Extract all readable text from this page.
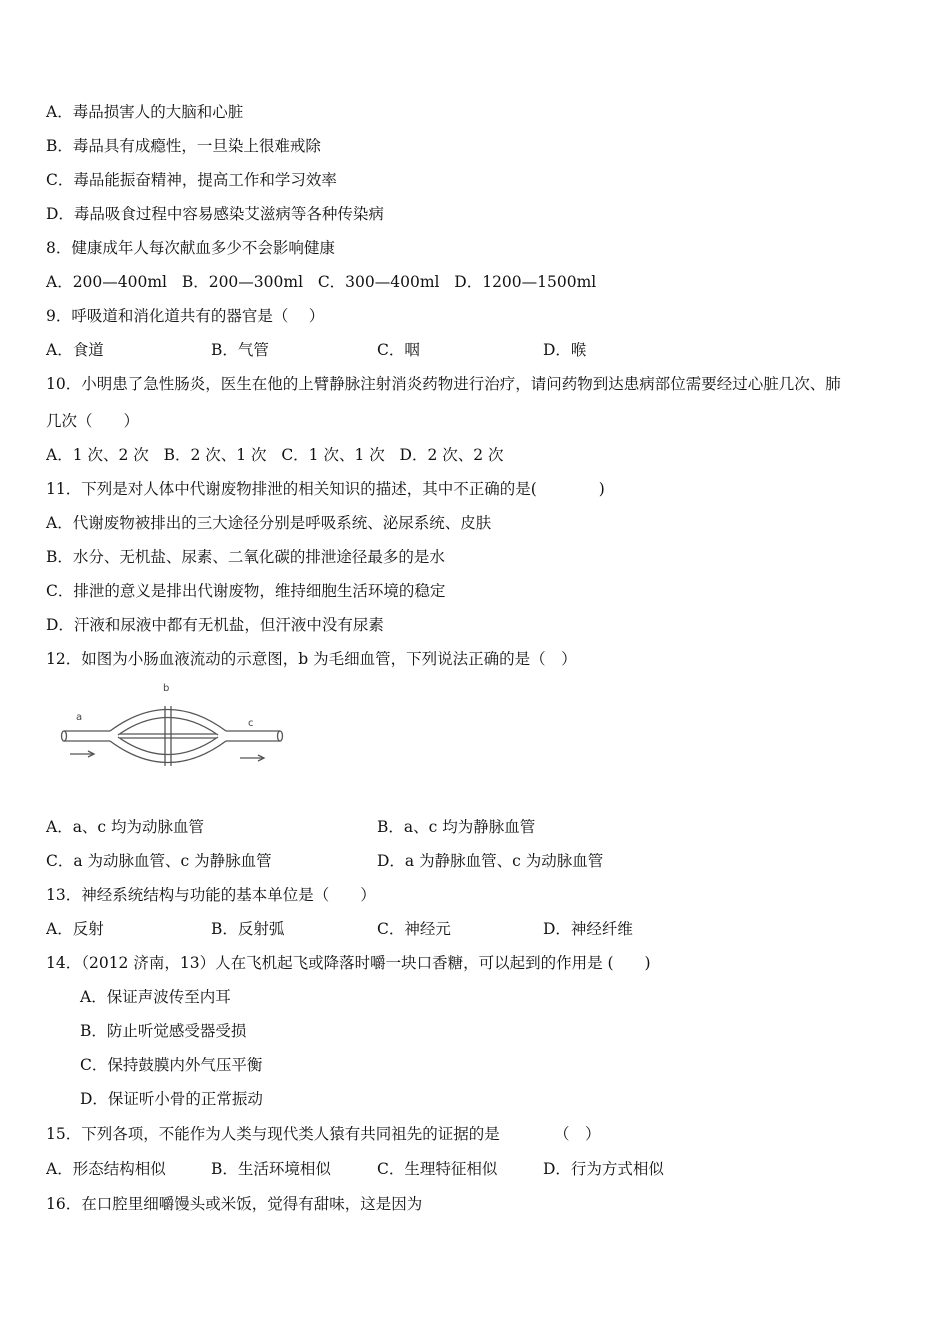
A．毒品损害人的大脑和心脏
B．毒品具有成瘾性，一旦染上很难戒除
C．毒品能振奋精神，提高工作和学习效率
D．毒品吸食过程中容易感染艾滋病等各种传染病
8．健康成年人每次献血多少不会影响健康
A．200—400ml B．200—300ml C．300—400ml D．1200—1500ml
9．呼吸道和消化道共有的器官是（　 ）
A．食道	B．气管	C．咽	D．喉
10．小明患了急性肠炎，医生在他的上臂静脉注射消炎药物进行治疗，请问药物到达患病部位需要经过心脏几次、肺
几次（　　）
A．1 次、2 次 B．2 次、1 次 C．1 次、1 次 D．2 次、2 次
11．下列是对人体中代谢废物排泄的相关知识的描述，其中不正确的是(　　　　)
A．代谢废物被排出的三大途径分别是呼吸系统、泌尿系统、皮肤
B．水分、无机盐、尿素、二氧化碳的排泄途径最多的是水
C．排泄的意义是排出代谢废物，维持细胞生活环境的稳定
D．汗液和尿液中都有无机盐，但汗液中没有尿素
12．如图为小肠血液流动的示意图，b 为毛细血管，下列说法正确的是（　）
a
b
c
A．a、c 均为动脉血管	B．a、c 均为静脉血管
C．a 为动脉血管、c 为静脉血管	D．a 为静脉血管、c 为动脉血管
13．神经系统结构与功能的基本单位是（　　）
A．反射	B．反射弧	C．神经元	D．神经纤维
14．（2012 济南，13）人在飞机起飞或降落时嚼一块口香糖，可以起到的作用是 (　　)
A．保证声波传至内耳
B．防止听觉感受器受损
C．保持鼓膜内外气压平衡
D．保证听小骨的正常振动
15．下列各项，不能作为人类与现代类人猿有共同祖先的证据的是　　　　（　）
A．形态结构相似	B．生活环境相似	C．生理特征相似	D．行为方式相似
16．在口腔里细嚼馒头或米饭，觉得有甜味，这是因为
